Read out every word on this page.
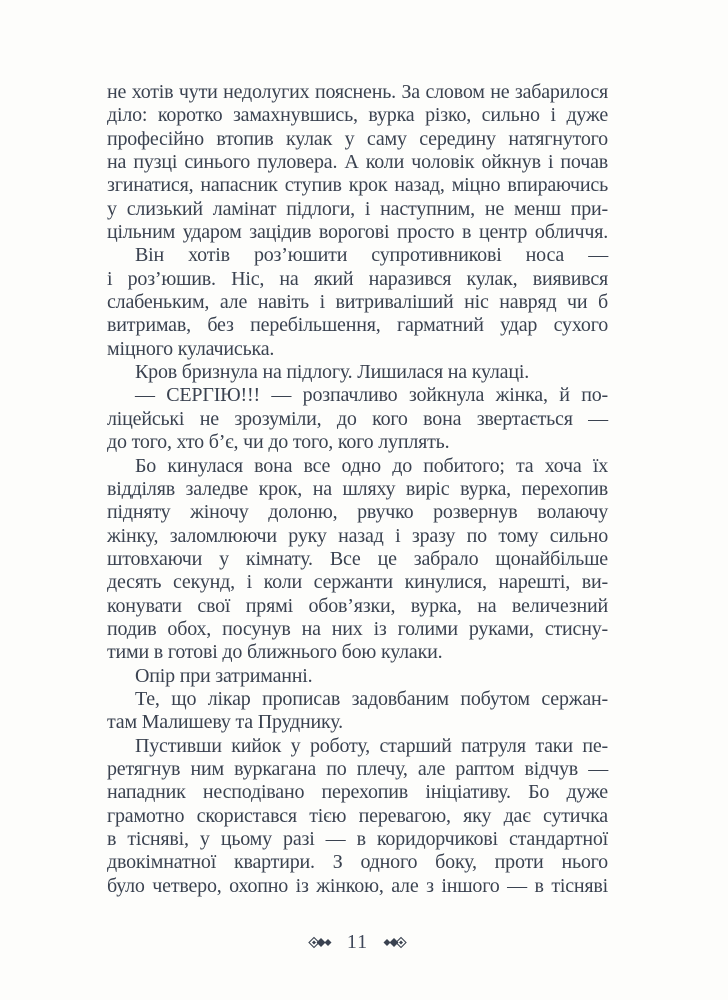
не хотів чути недолугих пояснень. За словом не забарилося
діло: коротко замахнувшись, вурка різко, сильно і дуже
професійно втопив кулак у саму середину натягнутого
на пузці синього пуловера. А коли чоловік ойкнув і почав
згинатися, напасник ступив крок назад, міцно впираючись
у слизький ламінат підлоги, і наступним, не менш при-
цільним ударом зацідив ворогові просто в центр обличчя.
Він хотів роз’юшити супротивникові носа —
і роз’юшив. Ніс, на який наразився кулак, виявився
слабеньким, але навіть і витриваліший ніс навряд чи б
витримав, без перебільшення, гарматний удар сухого
міцного кулачиська.
Кров бризнула на підлогу. Лишилася на кулаці.
— СЕРГІЮ!!! — розпачливо зойкнула жінка, й по-
ліцейські не зрозуміли, до кого вона звертається —
до того, хто б’є, чи до того, кого луплять.
Бо кинулася вона все одно до побитого; та хоча їх
відділяв заледве крок, на шляху виріс вурка, перехопив
підняту жіночу долоню, рвучко розвернув волаючу
жінку, заломлюючи руку назад і зразу по тому сильно
штовхаючи у кімнату. Все це забрало щонайбільше
десять секунд, і коли сержанти кинулися, нарешті, ви-
конувати свої прямі обов’язки, вурка, на величезний
подив обох, посунув на них із голими руками, стисну-
тими в готові до ближнього бою кулаки.
Опір при затриманні.
Те, що лікар прописав задовбаним побутом сержан-
там Малишеву та Пруднику.
Пустивши кийок у роботу, старший патруля таки пе-
ретягнув ним вуркагана по плечу, але раптом відчув —
нападник несподівано перехопив ініціативу. Бо дуже
грамотно скористався тією перевагою, яку дає сутичка
в тісняві, у цьому разі — в коридорчикові стандартної
двокімнатної квартири. З одного боку, проти нього
було четверо, охопно із жінкою, але з іншого — в тісняві
11
